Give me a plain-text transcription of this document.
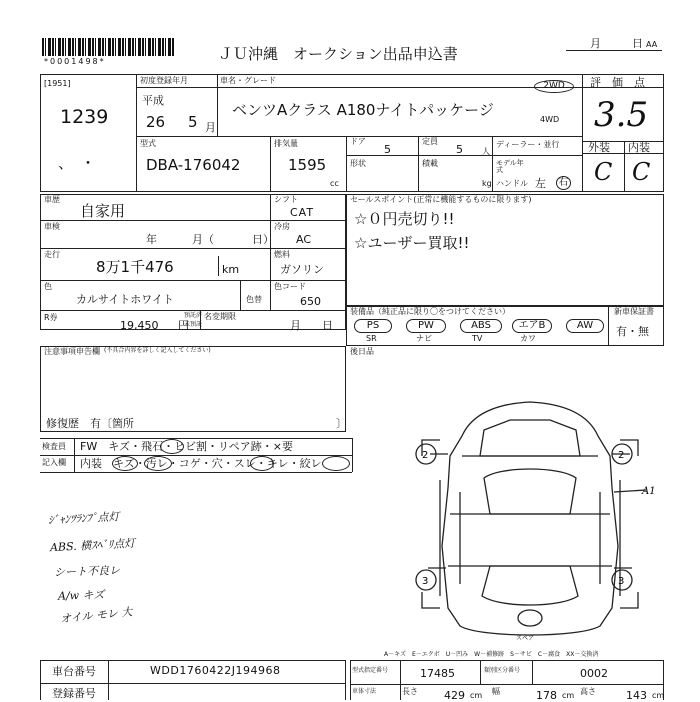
*0001498*	ＪＵ沖縄　オークション出品申込書
月	日 AA
[1951]
1239
、　・
初度登録年月
平成
26 5 月
車名・グレード
ベンツAクラス A180ナイトパッケージ
2WD
4WD
型式
DBA-176042
排気量
1595
cc
ドア
5
定員
5 人
形状	積載
kg
ディーラー・並行
モデル年式
ハンドル 左 右
評　価　点
3.5
外装 内装
C C
車歴
自家用
車検
年	月（	日）
走行
8万1千476	km
色
カルサイトホワイト	色替
シフト
CAT
冷房
AC
燃料
ガソリン
色コード
650
R券
19,450 円
預託済
未預託
名変期限
月 日
セールスポイント(正常に機能するものに限ります)
☆０円売切り!!
☆ユーザー買取!!
装備品（純正品に限り〇をつけてください）
PS	PW	ABS	エアB	AW
SR	ナビ	TV	カワ
新車保証書
有・無
注意事項申告欄 (不具合内容を詳しく記入してください)
修復歴　有〔箇所	〕
後日品
検査員
記入欄
FW　キズ・飛石・ヒビ割・リペア跡・×要
内装　キズ・汚レ・コゲ・穴・スレ・キレ・絞レ
ｼﾞｬﾝﾂﾗﾝﾌﾟ点灯
ABS. 横ｽﾍﾞﾘ点灯
シート不良レ
A/w キズ
オイル モレ 大
2	2
3	3
A1
スペア
A－キズ　E－エクボ　U－凹み　W－補修跡　S－サビ　C－腐食　XX－交換済
車台番号	WDD1760422J194968
登録番号
型式指定番号	17485	類別区分番号	0002
車体寸法	長さ 429 cm 幅	178 cm 高さ	143 cm
